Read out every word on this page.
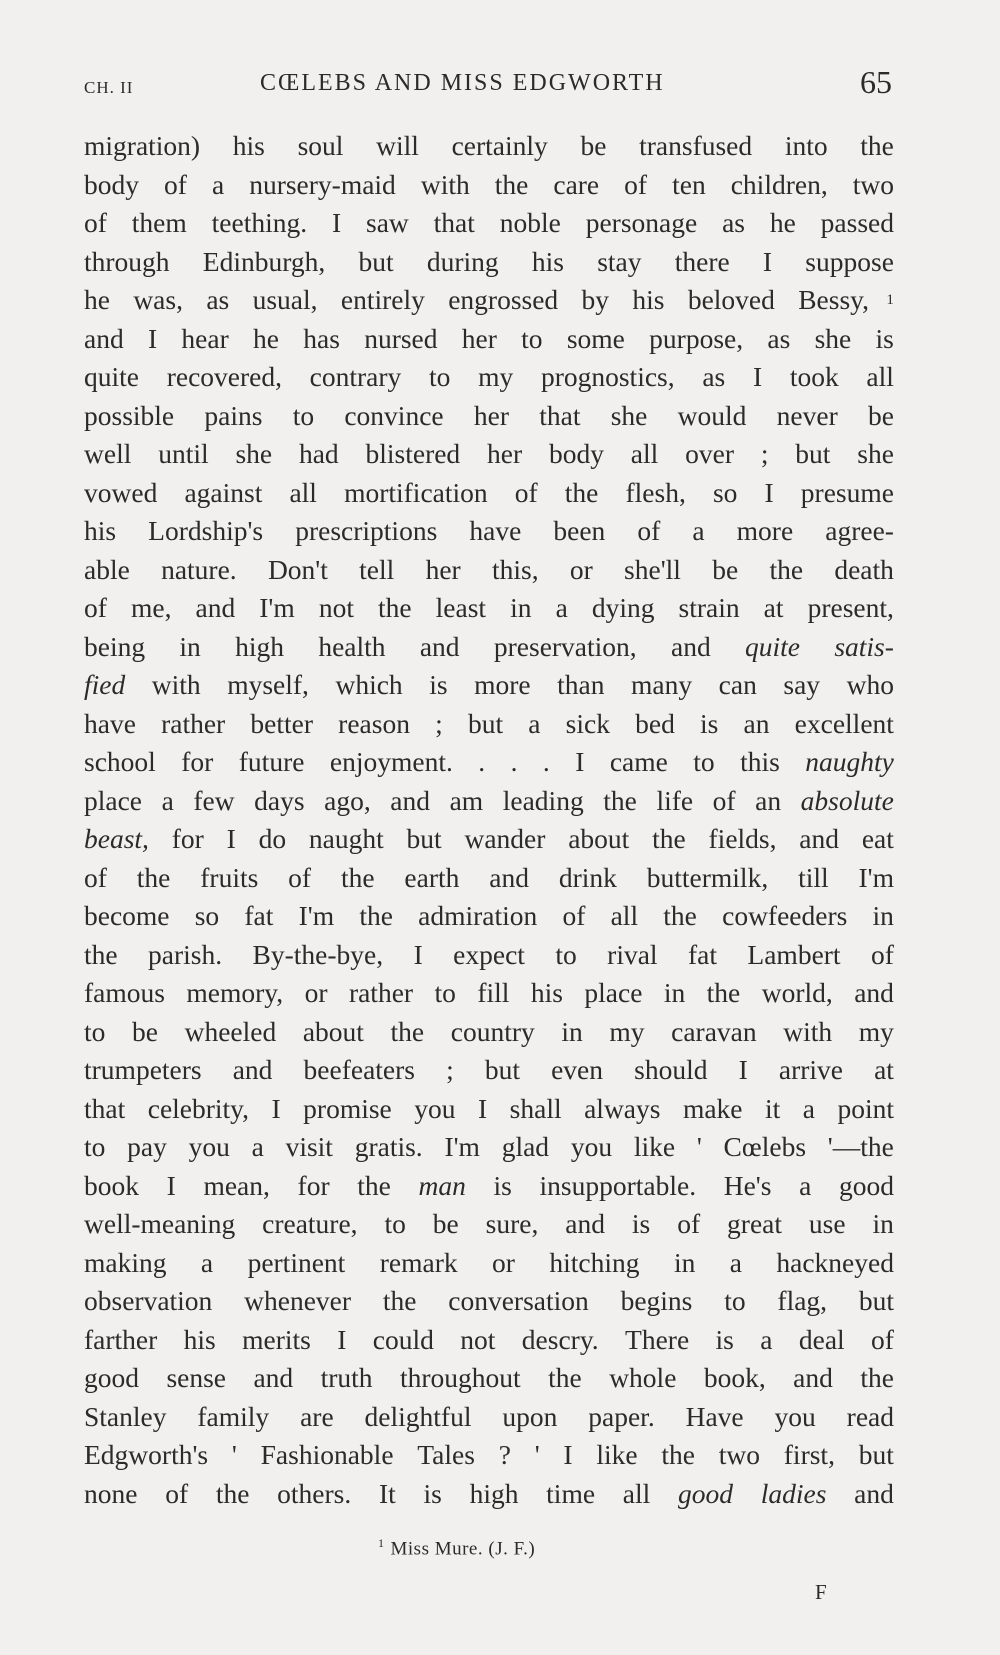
CH. II	CŒLEBS AND MISS EDGWORTH	65
migration) his soul will certainly be transfused into the
body of a nursery-maid with the care of ten children, two
of them teething. I saw that noble personage as he passed
through Edinburgh, but during his stay there I suppose
he was, as usual, entirely engrossed by his beloved Bessy, 1
and I hear he has nursed her to some purpose, as she is
quite recovered, contrary to my prognostics, as I took all
possible pains to convince her that she would never be
well until she had blistered her body all over ; but she
vowed against all mortification of the flesh, so I presume
his Lordship's prescriptions have been of a more agree-
able nature. Don't tell her this, or she'll be the death
of me, and I'm not the least in a dying strain at present,
being in high health and preservation, and quite satis-
fied with myself, which is more than many can say who
have rather better reason ; but a sick bed is an excellent
school for future enjoyment. . . . I came to this naughty
place a few days ago, and am leading the life of an absolute
beast, for I do naught but wander about the fields, and eat
of the fruits of the earth and drink buttermilk, till I'm
become so fat I'm the admiration of all the cowfeeders in
the parish. By-the-bye, I expect to rival fat Lambert of
famous memory, or rather to fill his place in the world, and
to be wheeled about the country in my caravan with my
trumpeters and beefeaters ; but even should I arrive at
that celebrity, I promise you I shall always make it a point
to pay you a visit gratis. I'm glad you like ' Cœlebs '—the
book I mean, for the man is insupportable. He's a good
well-meaning creature, to be sure, and is of great use in
making a pertinent remark or hitching in a hackneyed
observation whenever the conversation begins to flag, but
farther his merits I could not descry. There is a deal of
good sense and truth throughout the whole book, and the
Stanley family are delightful upon paper. Have you read
Edgworth's ' Fashionable Tales ? ' I like the two first, but
none of the others. It is high time all good ladies and
$^1$ Miss Mure. (J. F.)
F
